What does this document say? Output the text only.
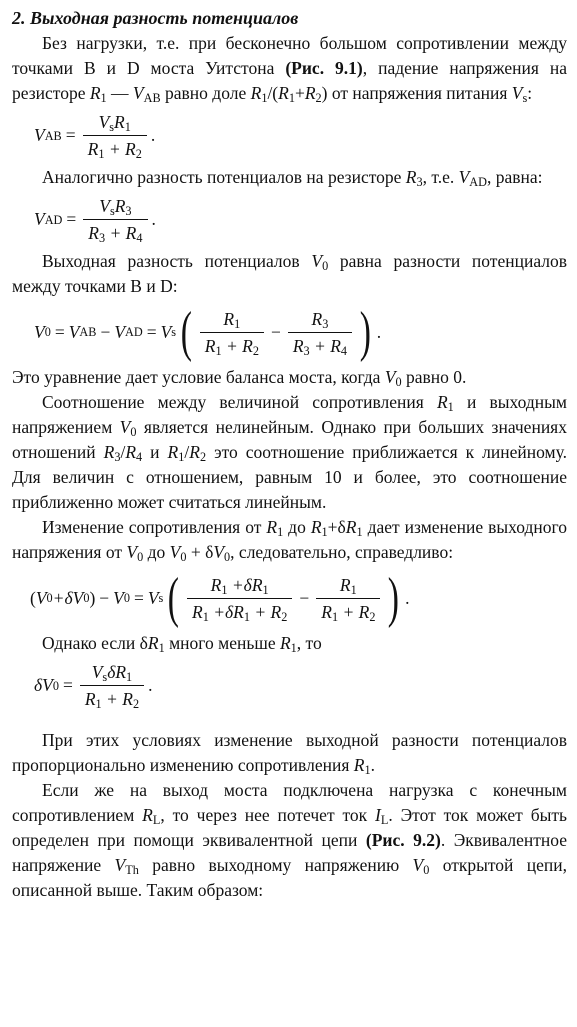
2. Выходная разность потенциалов

Без нагрузки, т.е. при бесконечно большом сопротивлении между точками B и D моста Уитстона (Рис. 9.1), падение напряжения на резисторе $R_1$ — $V_{AB}$ равно доле $R_1/(R_1+R_2)$ от напряжения питания $V_s$:

V AB = $\frac{V_sR_1}{R_1 + R_2}$ .

Аналогично разность потенциалов на резисторе $R_3$, т.е. $V_{AD}$, равна:

V AD = $\frac{V_sR_3}{R_3 + R_4}$ .

Выходная разность потенциалов $V_0$ равна разности потенциалов между точками B и D:

V 0 = V AB − V AD = V s ( $\frac{R_1}{R_1 + R_2} - \frac{R_3}{R_3 + R_4}$ ) .

Это уравнение дает условие баланса моста, когда $V_0$ равно 0.

Соотношение между величиной сопротивления $R_1$ и выходным напряжением $V_0$ является нелинейным. Однако при больших значениях отношений $R_3/R_4$ и $R_1/R_2$ это соотношение приближается к линейному. Для величин с отношением, равным 10 и более, это соотношение приближенно может считаться линейным.

Изменение сопротивления от $R_1$ до $R_1+\delta R_1$ дает изменение выходного напряжения от $V_0$ до $V_0 + \delta V_0$, следовательно, справедливо:

( V 0 +δ V 0 ) − V 0 = V s ( $\frac{R_1 +\delta R_1}{R_1 +\delta R_1 + R_2} - \frac{R_1}{R_1 + R_2}$ ) .

Однако если $\delta R_1$ много меньше $R_1$, то

δ V $0 = \frac{V_s\delta R_1}{R_1 + R_2}$ .

При этих условиях изменение выходной разности потенциалов пропорционально изменению сопротивления $R_1$.

Если же на выход моста подключена нагрузка с конечным сопротивлением $R_L$, то через нее потечет ток $I_L$. Этот ток может быть определен при помощи эквивалентной цепи (Рис. 9.2). Эквивалентное напряжение $V_{Th}$ равно выходному напряжению $V_0$ открытой цепи, описанной выше. Таким образом:
